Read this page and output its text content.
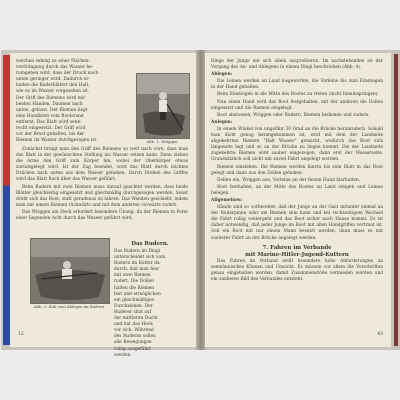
welchen sehnig zu einer Flächen-
verdrängung durch das Wasser he-
rumgeben wird, dass der Druck nach
unten geringer wird. Dadurch er-
halten die Ruderblätter den Halt,
wie es im Wasser vorgesehen ist.
Der Griff des Riemens wird mit
beiden Händen, Daumen nach
unten, gefasst. Der Riemen liegt
eine Handbreit vom Bootsrand
entfernt. Das Blatt wird senk-
recht eingesetzt. Der Griff wird
vor der Brust gehalten, bis der
Riemen im Wasser durchgezogen ist.	Abb. 1: Wriggen
Zunächst bringt man den Griff des Riemens so weit nach vorn, dass man das Blatt in der gewünschten Stellung ins Wasser setzen kann. Dann ziehen die Arme den Griff zum Körper hin, wobei der Oberkörper etwas zurückgelegt wird. Ist der Zug beendet, wird das Blatt durch leichtes Drücken nach unten aus dem Wasser gehoben. Durch Drehen des Griffes wird das Blatt flach über das Wasser geführt.
Beim Rudern mit zwei Riemen muss darauf geachtet werden, dass beide Blätter gleichzeitig eingesetzt und gleichmäßig durchgezogen werden. Sonst dreht sich das Boot, statt geradeaus zu fahren. Das Wenden geschieht, indem man mit einem Riemen rückwärts und mit dem anderen vorwärts rudert.
Das Wriggen am Heck erfordert besondere Übung, da der Riemen in Form einer liegenden Acht durch das Wasser geführt wird.
Abb. 2: Kuh vom Ablegen im Rudern
Das Rudern.
Das Rudern im Dingi
unterscheidet sich vom
Rudern im Kutter da-
durch, daß man hier
mit zwei Riemen
rudert. Die Dollen
halten die Riemen
fest und ermöglichen
ein gleichmäßiges
Durchziehen. Der
Ruderer sitzt auf
der mittleren Ducht
und hat das Heck
vor sich. Während
des Ruderns sollen
alle Bewegungen
ruhig ausgeführt
werden.
12
Dinge der Junge mit sich allein ausprobieren. Im nachstehenden ist der Vorgang des An- und Ablegens in einem Dingi beschrieben (Abb. 4).
Ablegen:
Die Leinen werden an Land losgeworfen, die Vorleine bis zum Einsteigen in der Hand gehalten.
Beim Einsteigen in die Mitte des Bootes zu treten (nicht hineinspringen).
Nun einen Hand wird das Boot festgehalten, mit der anderen die Dollen eingesetzt und die Riemen eingelegt.
Boot abstossen, Wriggen oder Rudern, Riemen bedienen und rudern.
Anlegen:
In einem Winkel von ungefähr 30 Grad an die Brücke heranrudern. Sobald man dicht genug herangekommen ist, wird mit dem der Landseite abgekehrten Riemen "Halt Wasser" gemacht, wodurch das Boot sich längsseits legt und so an der Brücke zu liegen kommt. Die der Landseite zugekehrte Riemen wird sauber eingezogen, dann erst der Wasserseite. Grundsätzlich soll nicht mit zuviel Fahrt angelegt werden.
Riemen einziehen. Die Riemen werden hierzu bis zum Blatt in das Boot gelegt und dann aus den Dollen gehoben.
Dollen ein, Wriggen aus, Vorleine an der festen Hand klarhalten.
Boot festhalten, an der Mitte des Bootes an Land steigen und Leinen belegen.
Allgemeines:
Hände sind so vorbereitet, daß der Junge an der Gast mitunter einmal an der Ruderpinne oder am Riemen sein kann und bei rechtzeitigem Wechsel die Fahrt ruhig weitergeht und das Boot sicher nach Hause kommt. Es ist daher notwendig, daß jeder Junge im Boot mit allen Handgriffen vertraut ist. Soll ein Boot mit nur einem Mann besetzt werden, dann muss es mit sauberer Fahrt an der Brücke angelegt werden.
7. Fahren im Verbande
mit Marine-Hitler-Jugend-Kuttern
Das Fahren im Verband stellt besondere hohe Anforderungen an seemännisches Können und Umsicht. Es müssen vor allem die Vorschriften genau eingehalten werden, damit Zusammenstöße vermieden werden und ein sauberes Bild des Verbandes entsteht.
43
